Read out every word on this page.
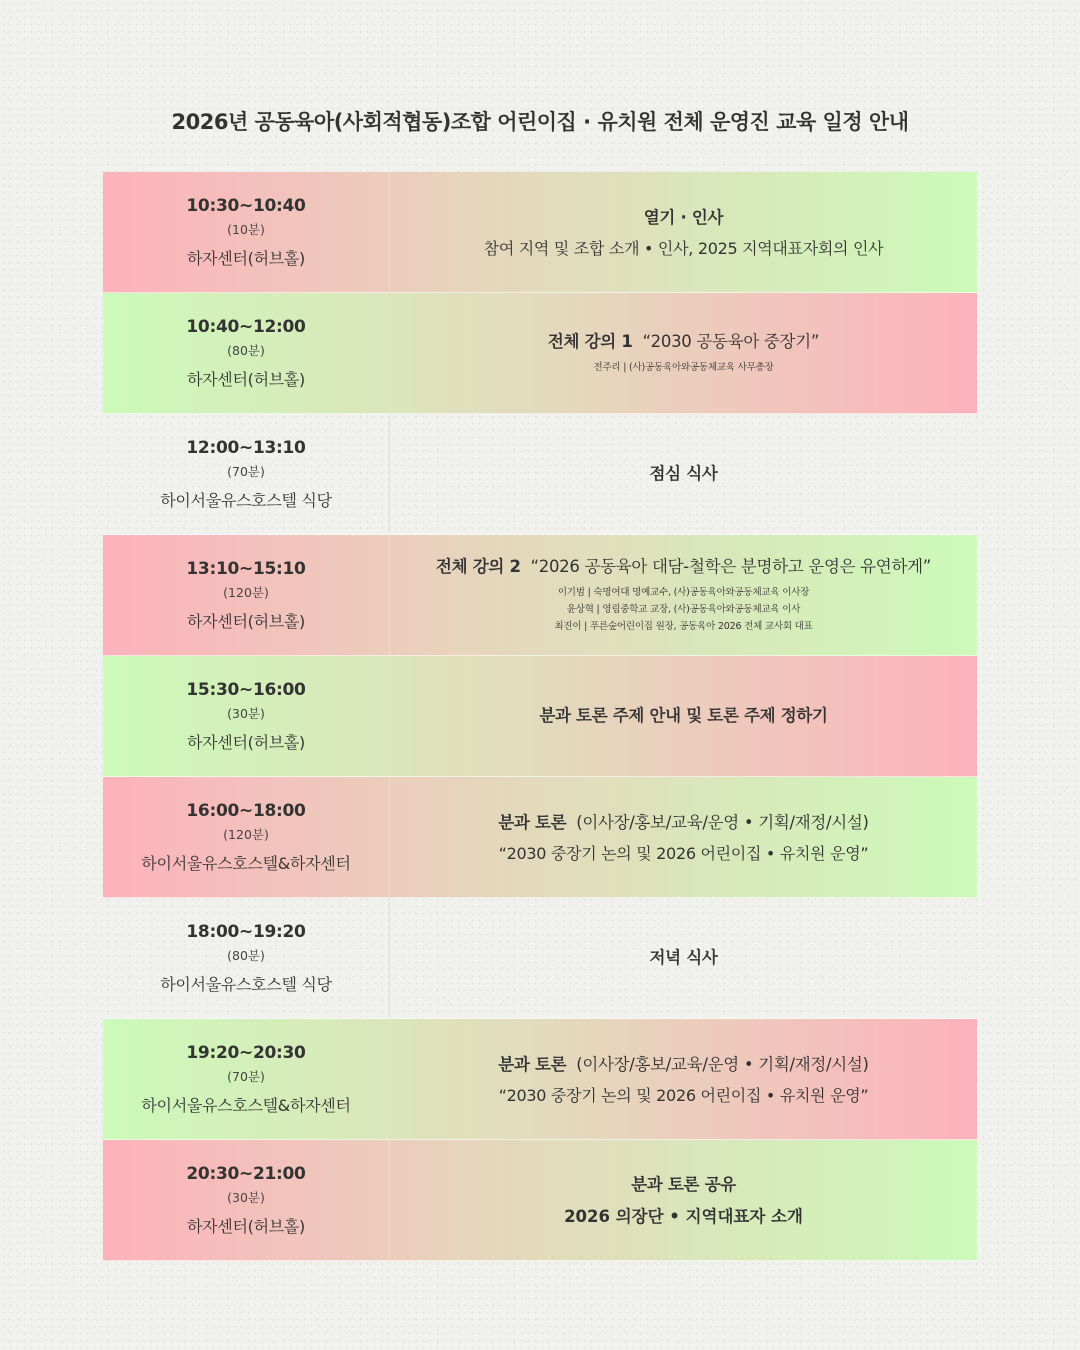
2026년 공동육아(사회적협동)조합 어린이집 · 유치원 전체 운영진 교육 일정 안내
10:30~10:40
(10분)
하자센터(허브홀)
열기 · 인사
참여 지역 및 조합 소개 • 인사, 2025 지역대표자회의 인사
10:40~12:00
(80분)
하자센터(허브홀)
전체 강의 1 “2030 공동육아 중장기”
전주리 | (사)공동육아와공동체교육 사무총장
12:00~13:10
(70분)
하이서울유스호스텔 식당
점심 식사
13:10~15:10
(120분)
하자센터(허브홀)
전체 강의 2 “2026 공동육아 대담-철학은 분명하고 운영은 유연하게”
이기범 | 숙명여대 명예교수, (사)공동육아와공동체교육 이사장
윤상혁 | 영림중학교 교장, (사)공동육아와공동체교육 이사
최진이 | 푸른숲어린이집 원장, 공동육아 2026 전체 교사회 대표
15:30~16:00
(30분)
하자센터(허브홀)
분과 토론 주제 안내 및 토론 주제 정하기
16:00~18:00
(120분)
하이서울유스호스텔&하자센터
분과 토론 (이사장/홍보/교육/운영 • 기획/재정/시설)
“2030 중장기 논의 및 2026 어린이집 • 유치원 운영”
18:00~19:20
(80분)
하이서울유스호스텔 식당
저녁 식사
19:20~20:30
(70분)
하이서울유스호스텔&하자센터
분과 토론 (이사장/홍보/교육/운영 • 기획/재정/시설)
“2030 중장기 논의 및 2026 어린이집 • 유치원 운영”
20:30~21:00
(30분)
하자센터(허브홀)
분과 토론 공유
2026 의장단 • 지역대표자 소개
